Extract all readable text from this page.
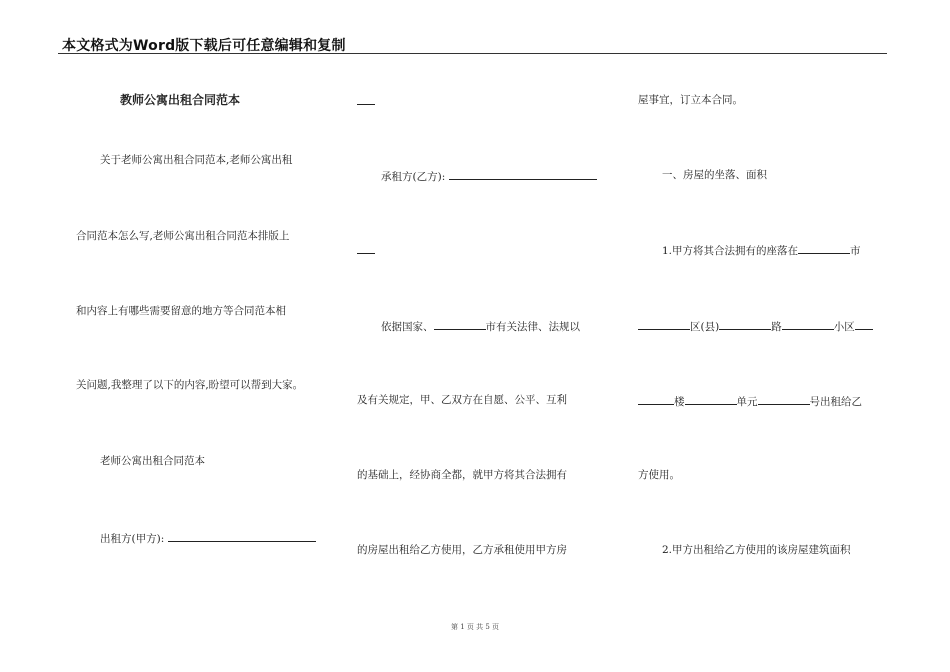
本文格式为Word版下载后可任意编辑和复制
教师公寓出租合同范本
关于老师公寓出租合同范本,老师公寓出租
合同范本怎么写,老师公寓出租合同范本排版上
和内容上有哪些需要留意的地方等合同范本相
关问题,我整理了以下的内容,盼望可以帮到大家。
老师公寓出租合同范本
出租方(甲方):
承租方(乙方):
依据国家、	市有关法律、法规以
及有关规定，甲、乙双方在自愿、公平、互利
的基础上，经协商全都，就甲方将其合法拥有
的房屋出租给乙方使用，乙方承租使用甲方房
屋事宜，订立本合同。
一、房屋的坐落、面积
1.甲方将其合法拥有的座落在	市
区(县)	路	小区
楼	单元	号出租给乙
方使用。
2.甲方出租给乙方使用的该房屋建筑面积
第 1 页 共 5 页
